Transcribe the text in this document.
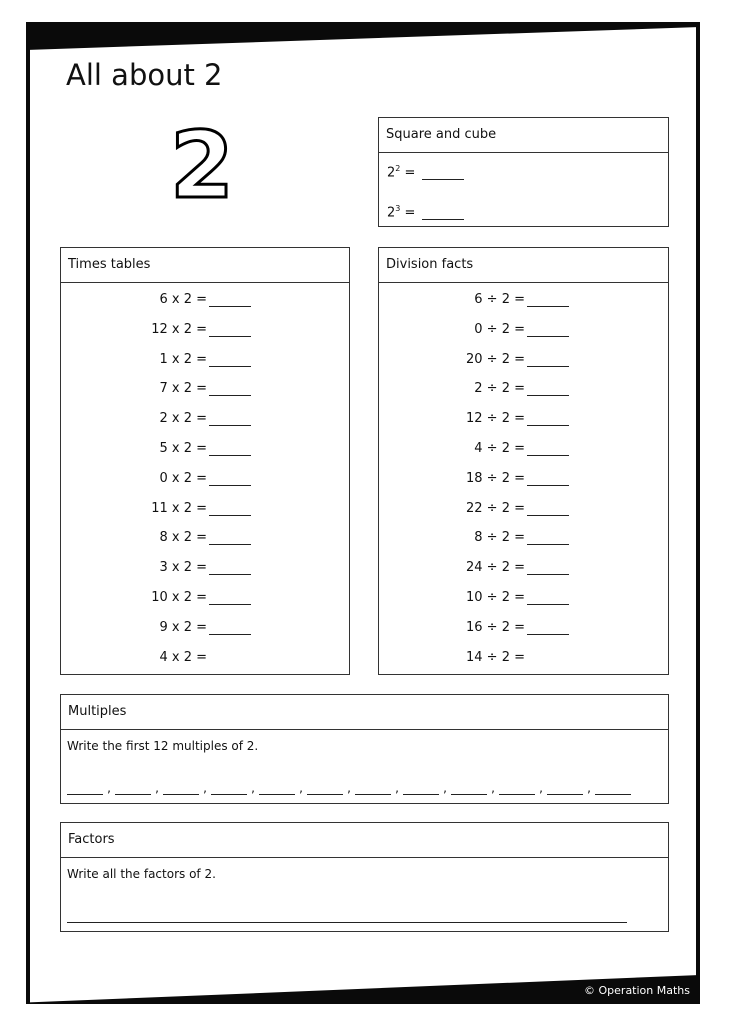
© Operation Maths
All about 2
2	Square and cube
$2^2$ =
$2^3$ =
Times tables
6 x 2 =
12 x 2 =
1 x 2 =
7 x 2 =
2 x 2 =
5 x 2 =
0 x 2 =
11 x 2 =
8 x 2 =
3 x 2 =
10 x 2 =
9 x 2 =
4 x 2 =
Division facts
6 ÷ 2 =
0 ÷ 2 =
20 ÷ 2 =
2 ÷ 2 =
12 ÷ 2 =
4 ÷ 2 =
18 ÷ 2 =
22 ÷ 2 =
8 ÷ 2 =
24 ÷ 2 =
10 ÷ 2 =
16 ÷ 2 =
14 ÷ 2 =
Multiples
Write the first 12 multiples of 2.
,	,	,	,	,	,	,	,	,	,	,
Factors
Write all the factors of 2.
